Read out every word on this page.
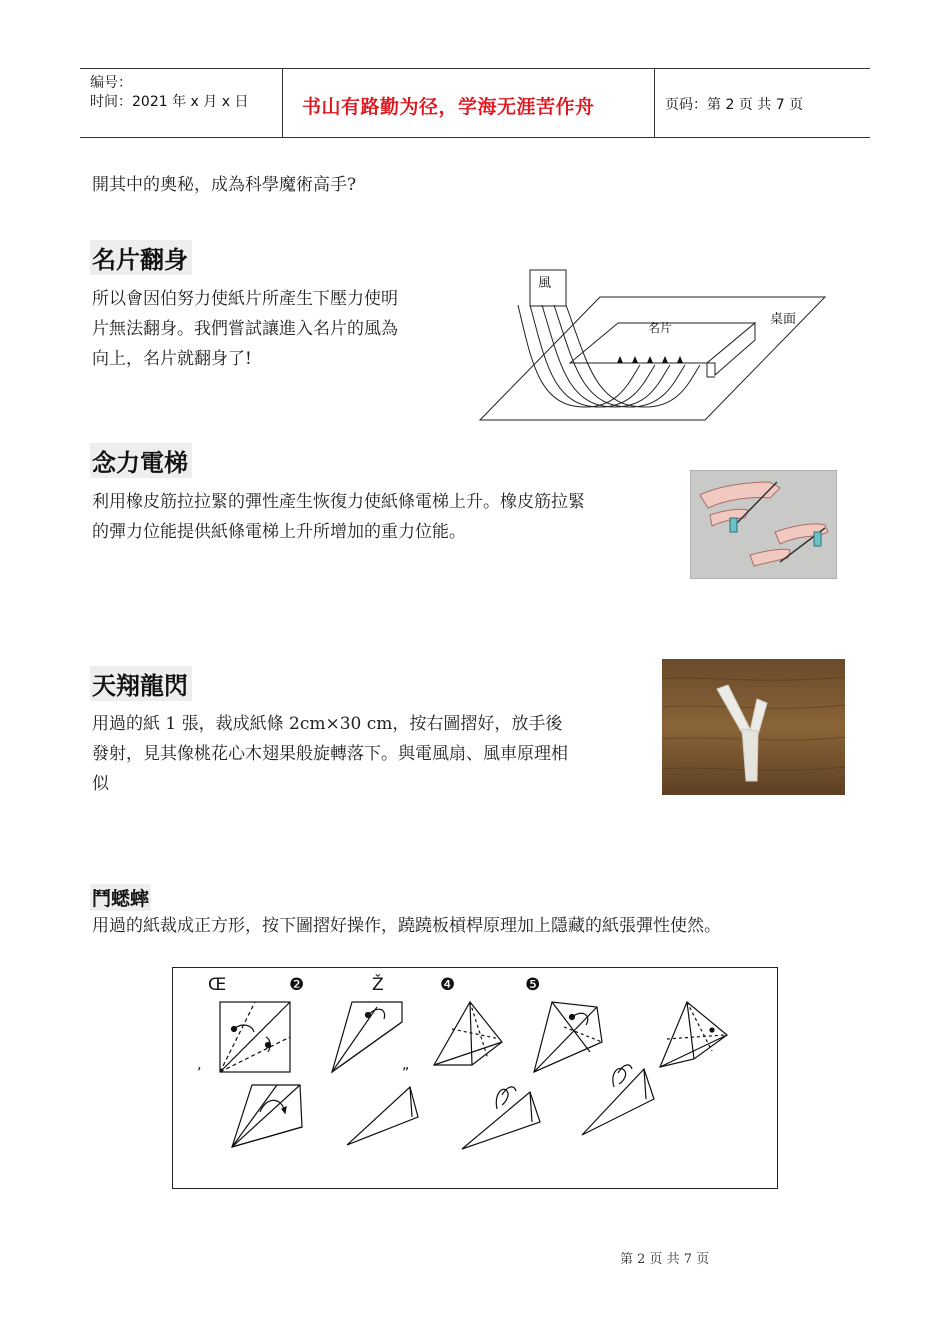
编号：
时间：2021 年 x 月 x 日	书山有路勤为径，学海无涯苦作舟	页码：第 2 页 共 7 页
開其中的奧秘，成為科學魔術高手?
名片翻身
所以會因伯努力使紙片所產生下壓力使明
片無法翻身。我們嘗試讓進入名片的風為
向上，名片就翻身了!
風
名片
桌面
念力電梯
利用橡皮筋拉拉緊的彈性產生恢復力使紙條電梯上升。橡皮筋拉緊
的彈力位能提供紙條電梯上升所增加的重力位能。
天翔龍閃
用過的紙 1 張，裁成紙條 2cm×30 cm，按右圖摺好，放手後
發射，見其像桃花心木翅果般旋轉落下。與電風扇、風車原理相
似
鬥蟋蟀
用過的紙裁成正方形，按下圖摺好操作，蹺蹺板槓桿原理加上隱藏的紙張彈性使然。
Œ	❷	Ž	❹	❺
‚	„
第 2 页 共 7 页
